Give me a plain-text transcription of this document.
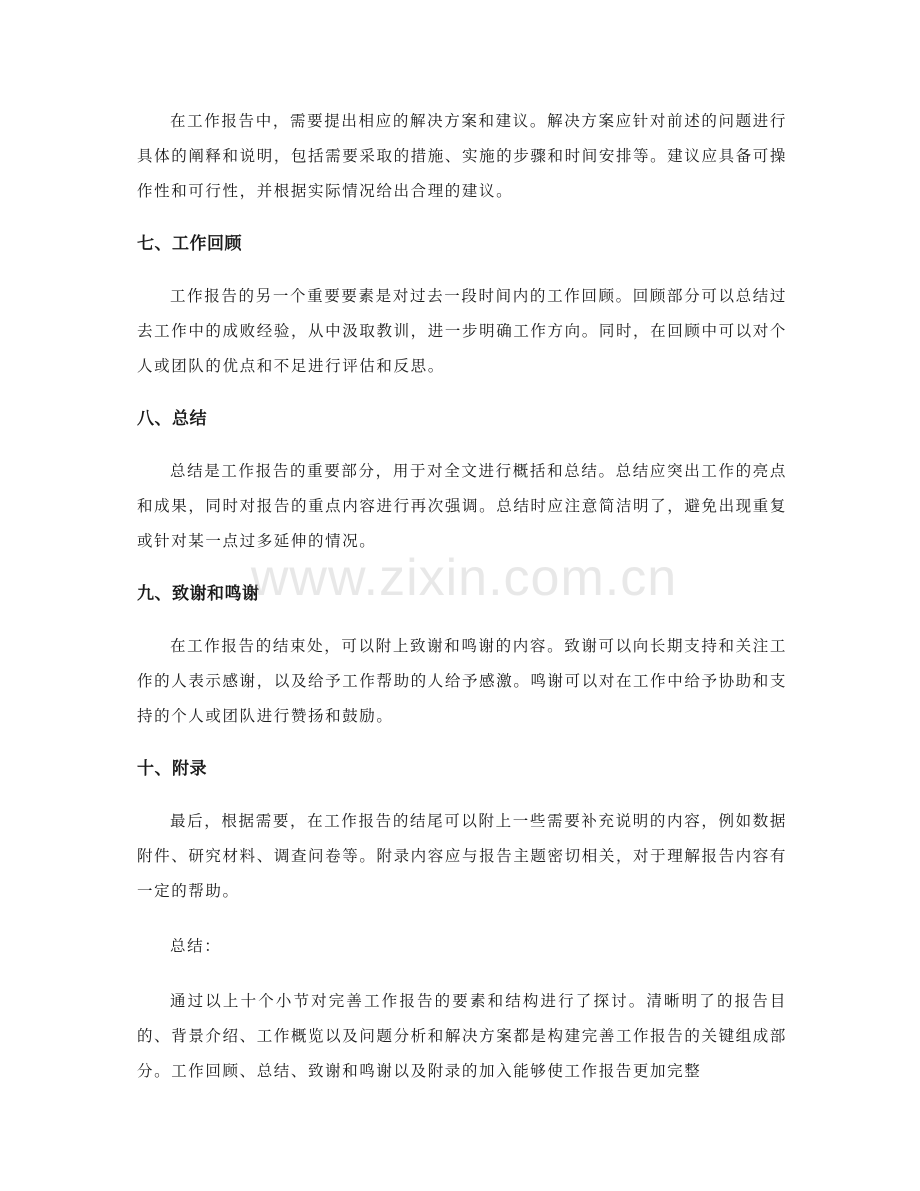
在工作报告中，需要提出相应的解决方案和建议。解决方案应针对前述的问题进行具体的阐释和说明，包括需要采取的措施、实施的步骤和时间安排等。建议应具备可操作性和可行性，并根据实际情况给出合理的建议。

七、工作回顾

工作报告的另一个重要要素是对过去一段时间内的工作回顾。回顾部分可以总结过去工作中的成败经验，从中汲取教训，进一步明确工作方向。同时，在回顾中可以对个人或团队的优点和不足进行评估和反思。

八、总结

总结是工作报告的重要部分，用于对全文进行概括和总结。总结应突出工作的亮点和成果，同时对报告的重点内容进行再次强调。总结时应注意简洁明了，避免出现重复或针对某一点过多延伸的情况。

九、致谢和鸣谢

在工作报告的结束处，可以附上致谢和鸣谢的内容。致谢可以向长期支持和关注工作的人表示感谢，以及给予工作帮助的人给予感激。鸣谢可以对在工作中给予协助和支持的个人或团队进行赞扬和鼓励。

十、附录

最后，根据需要，在工作报告的结尾可以附上一些需要补充说明的内容，例如数据附件、研究材料、调查问卷等。附录内容应与报告主题密切相关，对于理解报告内容有一定的帮助。

总结：

通过以上十个小节对完善工作报告的要素和结构进行了探讨。清晰明了的报告目的、背景介绍、工作概览以及问题分析和解决方案都是构建完善工作报告的关键组成部分。工作回顾、总结、致谢和鸣谢以及附录的加入能够使工作报告更加完整

www.zixin.com.cn
